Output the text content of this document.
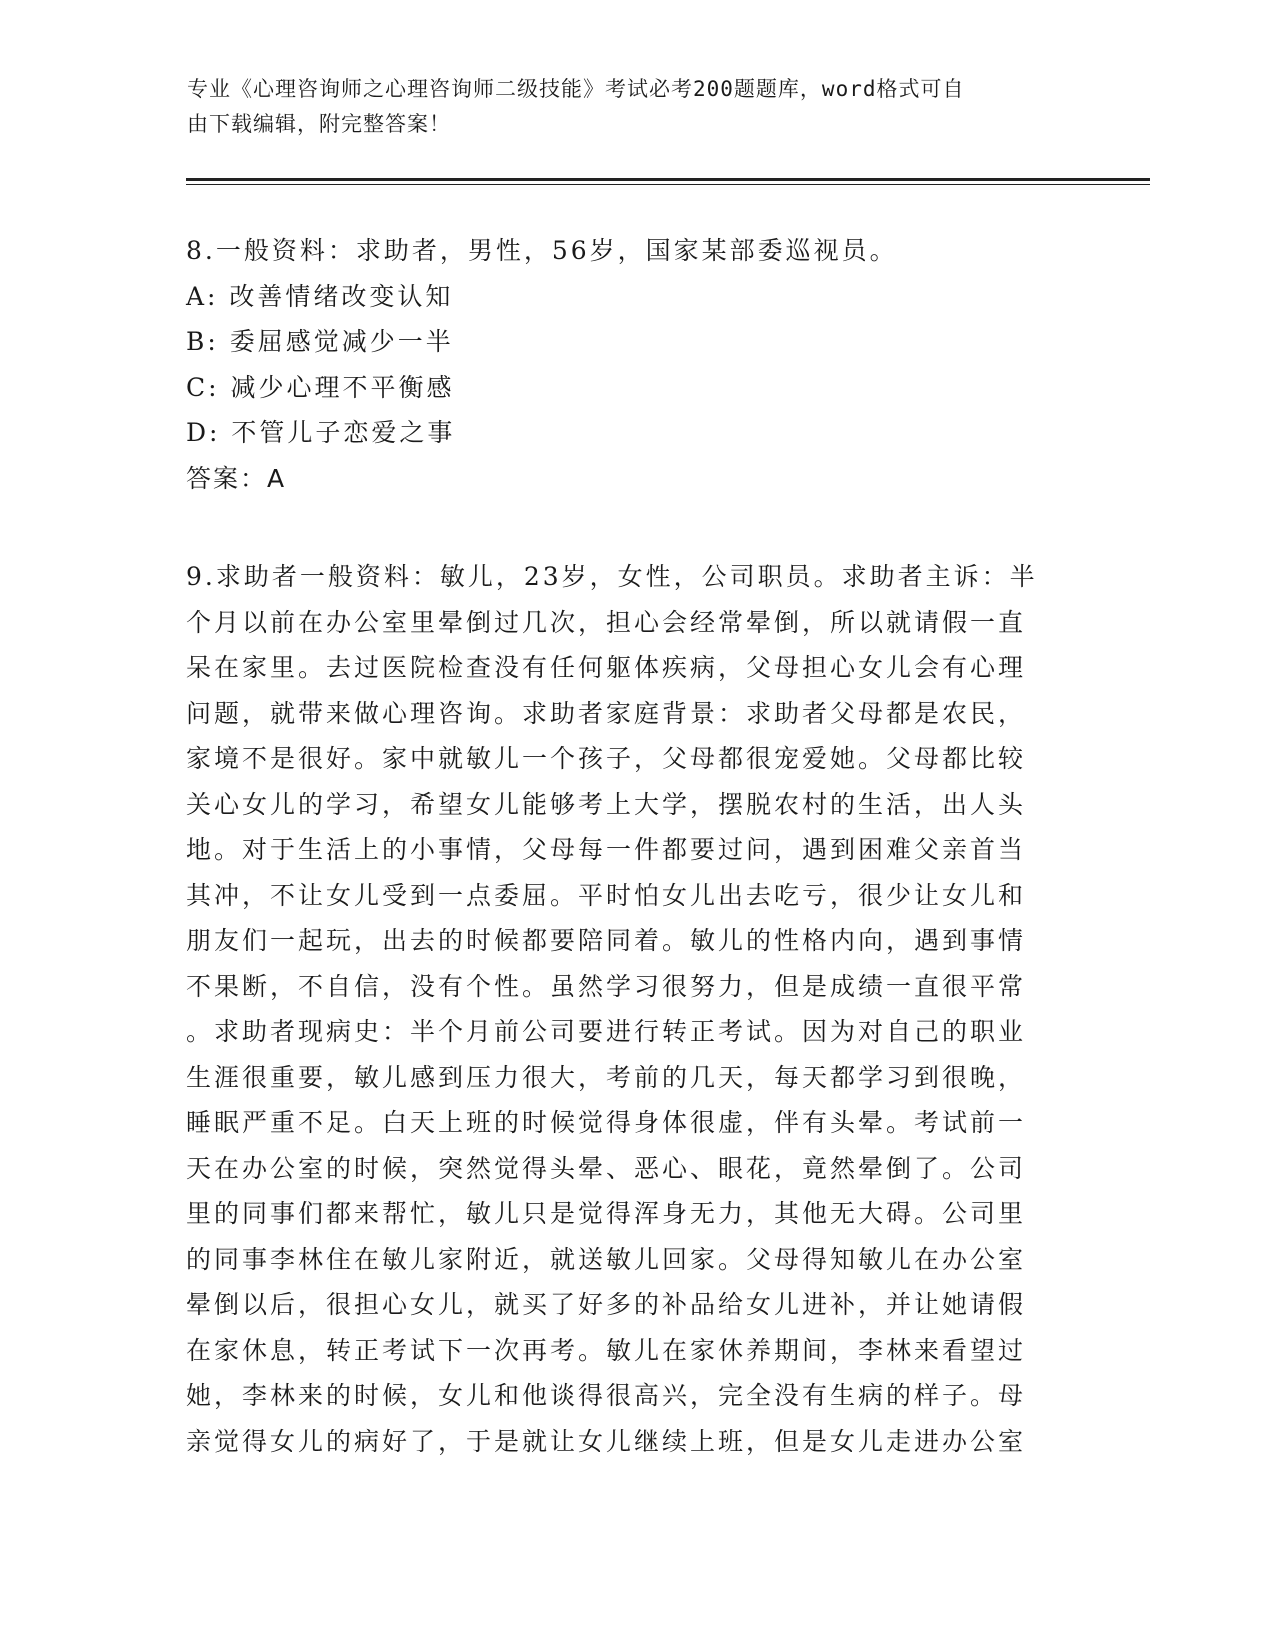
专业《心理咨询师之心理咨询师二级技能》考试必考200题题库，word格式可自
由下载编辑，附完整答案！
8.一般资料：求助者，男性，56岁，国家某部委巡视员。
A: 改善情绪改变认知
B: 委屈感觉减少一半
C: 减少心理不平衡感
D: 不管儿子恋爱之事
答案：A
9.求助者一般资料：敏儿，23岁，女性，公司职员。求助者主诉：半
个月以前在办公室里晕倒过几次，担心会经常晕倒，所以就请假一直
呆在家里。去过医院检查没有任何躯体疾病，父母担心女儿会有心理
问题，就带来做心理咨询。求助者家庭背景：求助者父母都是农民，
家境不是很好。家中就敏儿一个孩子，父母都很宠爱她。父母都比较
关心女儿的学习，希望女儿能够考上大学，摆脱农村的生活，出人头
地。对于生活上的小事情，父母每一件都要过问，遇到困难父亲首当
其冲，不让女儿受到一点委屈。平时怕女儿出去吃亏，很少让女儿和
朋友们一起玩，出去的时候都要陪同着。敏儿的性格内向，遇到事情
不果断，不自信，没有个性。虽然学习很努力，但是成绩一直很平常
。求助者现病史：半个月前公司要进行转正考试。因为对自己的职业
生涯很重要，敏儿感到压力很大，考前的几天，每天都学习到很晚，
睡眠严重不足。白天上班的时候觉得身体很虚，伴有头晕。考试前一
天在办公室的时候，突然觉得头晕、恶心、眼花，竟然晕倒了。公司
里的同事们都来帮忙，敏儿只是觉得浑身无力，其他无大碍。公司里
的同事李林住在敏儿家附近，就送敏儿回家。父母得知敏儿在办公室
晕倒以后，很担心女儿，就买了好多的补品给女儿进补，并让她请假
在家休息，转正考试下一次再考。敏儿在家休养期间，李林来看望过
她，李林来的时候，女儿和他谈得很高兴，完全没有生病的样子。母
亲觉得女儿的病好了，于是就让女儿继续上班，但是女儿走进办公室
